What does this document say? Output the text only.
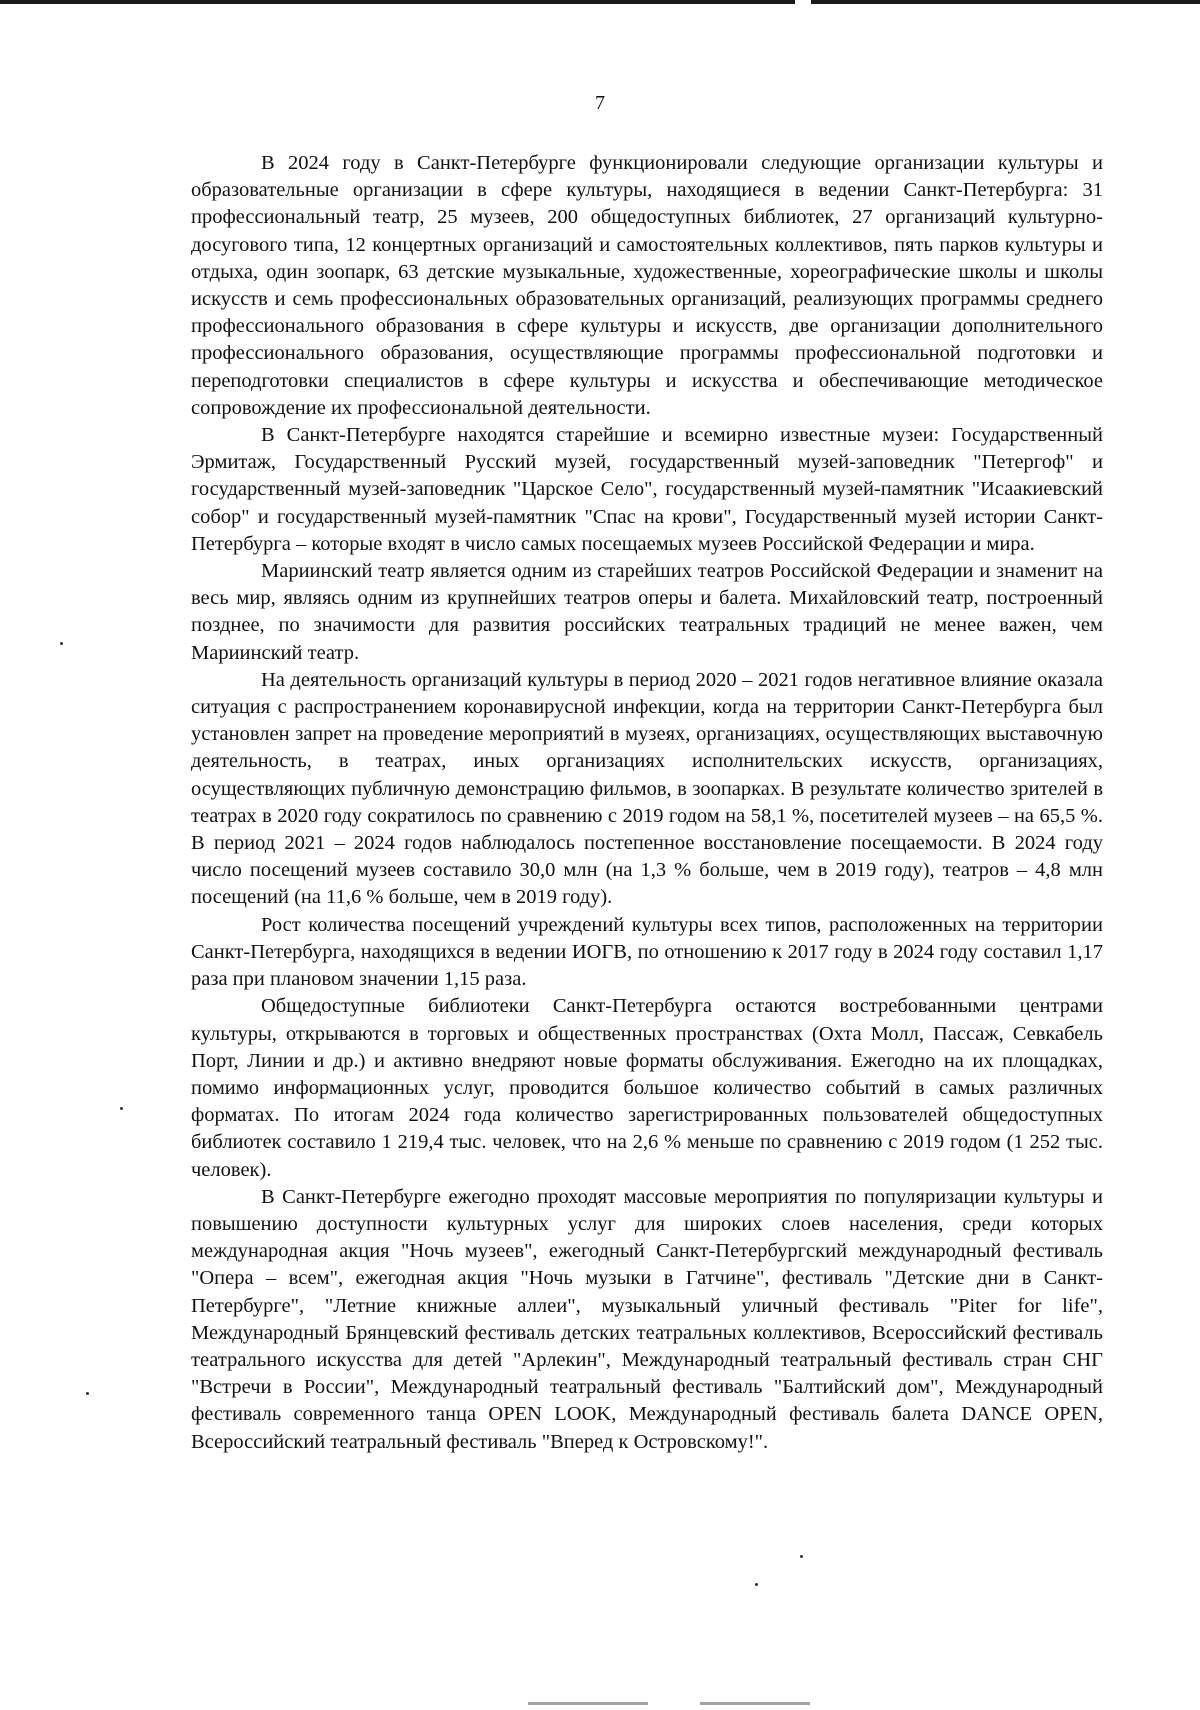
7

В 2024 году в Санкт-Петербурге функционировали следующие организации культуры и образовательные организации в сфере культуры, находящиеся в ведении Санкт-Петербурга: 31 профессиональный театр, 25 музеев, 200 общедоступных библиотек, 27 организаций культурно-досугового типа, 12 концертных организаций и самостоятельных коллективов, пять парков культуры и отдыха, один зоопарк, 63 детские музыкальные, художественные, хореографические школы и школы искусств и семь профессиональных образовательных организаций, реализующих программы среднего профессионального образования в сфере культуры и искусств, две организации дополнительного профессионального образования, осуществляющие программы профессиональной подготовки и переподготовки специалистов в сфере культуры и искусства и обеспечивающие методическое сопровождение их профессиональной деятельности.

В Санкт-Петербурге находятся старейшие и всемирно известные музеи: Государственный Эрмитаж, Государственный Русский музей, государственный музей-заповедник "Петергоф" и государственный музей-заповедник "Царское Село", государственный музей-памятник "Исаакиевский собор" и государственный музей-памятник "Спас на крови", Государственный музей истории Санкт-Петербурга – которые входят в число самых посещаемых музеев Российской Федерации и мира.

Мариинский театр является одним из старейших театров Российской Федерации и знаменит на весь мир, являясь одним из крупнейших театров оперы и балета. Михайловский театр, построенный позднее, по значимости для развития российских театральных традиций не менее важен, чем Мариинский театр.

На деятельность организаций культуры в период 2020 – 2021 годов негативное влияние оказала ситуация с распространением коронавирусной инфекции, когда на территории Санкт-Петербурга был установлен запрет на проведение мероприятий в музеях, организациях, осуществляющих выставочную деятельность, в театрах, иных организациях исполнительских искусств, организациях, осуществляющих публичную демонстрацию фильмов, в зоопарках. В результате количество зрителей в театрах в 2020 году сократилось по сравнению с 2019 годом на 58,1 %, посетителей музеев – на 65,5 %. В период 2021 – 2024 годов наблюдалось постепенное восстановление посещаемости. В 2024 году число посещений музеев составило 30,0 млн (на 1,3 % больше, чем в 2019 году), театров – 4,8 млн посещений (на 11,6 % больше, чем в 2019 году).

Рост количества посещений учреждений культуры всех типов, расположенных на территории Санкт-Петербурга, находящихся в ведении ИОГВ, по отношению к 2017 году в 2024 году составил 1,17 раза при плановом значении 1,15 раза.

Общедоступные библиотеки Санкт-Петербурга остаются востребованными центрами культуры, открываются в торговых и общественных пространствах (Охта Молл, Пассаж, Севкабель Порт, Линии и др.) и активно внедряют новые форматы обслуживания. Ежегодно на их площадках, помимо информационных услуг, проводится большое количество событий в самых различных форматах. По итогам 2024 года количество зарегистрированных пользователей общедоступных библиотек составило 1 219,4 тыс. человек, что на 2,6 % меньше по сравнению с 2019 годом (1 252 тыс. человек).

В Санкт-Петербурге ежегодно проходят массовые мероприятия по популяризации культуры и повышению доступности культурных услуг для широких слоев населения, среди которых международная акция "Ночь музеев", ежегодный Санкт-Петербургский международный фестиваль "Опера – всем", ежегодная акция "Ночь музыки в Гатчине", фестиваль "Детские дни в Санкт-Петербурге", "Летние книжные аллеи", музыкальный уличный фестиваль "Piter for life", Международный Брянцевский фестиваль детских театральных коллективов, Всероссийский фестиваль театрального искусства для детей "Арлекин", Международный театральный фестиваль стран СНГ "Встречи в России", Международный театральный фестиваль "Балтийский дом", Международный фестиваль современного танца OPEN LOOK, Международный фестиваль балета DANCE OPEN, Всероссийский театральный фестиваль "Вперед к Островскому!".
